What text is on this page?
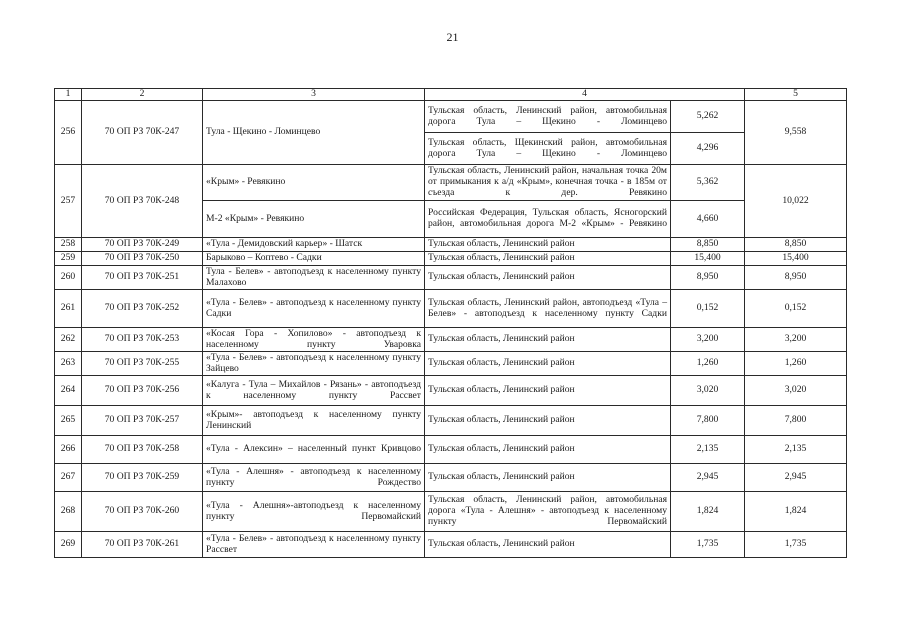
21
1	2	3	4		5
256	70 ОП РЗ 70К-247	Тула - Щекино - Ломинцево	Тульская область, Ленинский район, автомобильная дорога Тула – Щекино - Ломинцево	5,262	9,558
			Тульская область, Щекинский район, автомобильная дорога Тула – Щекино - Ломинцево	4,296	
257	70 ОП РЗ 70К-248	«Крым» - Ревякино	Тульская область, Ленинский район, начальная точка 20м от примыкания к а/д «Крым», конечная точка - в 185м от съезда к дер. Ревякино	5,362	10,022
		М-2 «Крым» - Ревякино	Российская Федерация, Тульская область, Ясногорский район, автомобильная дорога М-2 «Крым» - Ревякино	4,660	
258	70 ОП РЗ 70К-249	«Тула - Демидовский карьер» - Шатск	Тульская область, Ленинский район	8,850	8,850
259	70 ОП РЗ 70К-250	Барыково – Коптево - Садки	Тульская область, Ленинский район	15,400	15,400
260	70 ОП РЗ 70К-251	Тула - Белев» - автоподъезд к населенному пункту Малахово	Тульская область, Ленинский район	8,950	8,950
261	70 ОП РЗ 70К-252	«Тула - Белев» - автоподъезд к населенному пункту Садки	Тульская область, Ленинский район, автоподъезд «Тула – Белев» - автоподъезд к населенному пункту Садки	0,152	0,152
262	70 ОП РЗ 70К-253	«Косая Гора - Хопилово» - автоподъезд к населенному пункту Уваровка	Тульская область, Ленинский район	3,200	3,200
263	70 ОП РЗ 70К-255	«Тула - Белев» - автоподъезд к населенному пункту Зайцево	Тульская область, Ленинский район	1,260	1,260
264	70 ОП РЗ 70К-256	«Калуга - Тула – Михайлов - Рязань» - автоподъезд к населенному пункту Рассвет	Тульская область, Ленинский район	3,020	3,020
265	70 ОП РЗ 70К-257	«Крым»- автоподъезд к населенному пункту Ленинский	Тульская область, Ленинский район	7,800	7,800
266	70 ОП РЗ 70К-258	«Тула - Алексин» – населенный пункт Кривцово	Тульская область, Ленинский район	2,135	2,135
267	70 ОП РЗ 70К-259	«Тула - Алешня» - автоподъезд к населенному пункту Рождество	Тульская область, Ленинский район	2,945	2,945
268	70 ОП РЗ 70К-260	«Тула - Алешня»-автоподъезд к населенному пункту Первомайский	Тульская область, Ленинский район, автомобильная дорога «Тула - Алешня» - автоподъезд к населенному пункту Первомайский	1,824	1,824
269	70 ОП РЗ 70К-261	«Тула - Белев» - автоподъезд к населенному пункту Рассвет	Тульская область, Ленинский район	1,735	1,735
